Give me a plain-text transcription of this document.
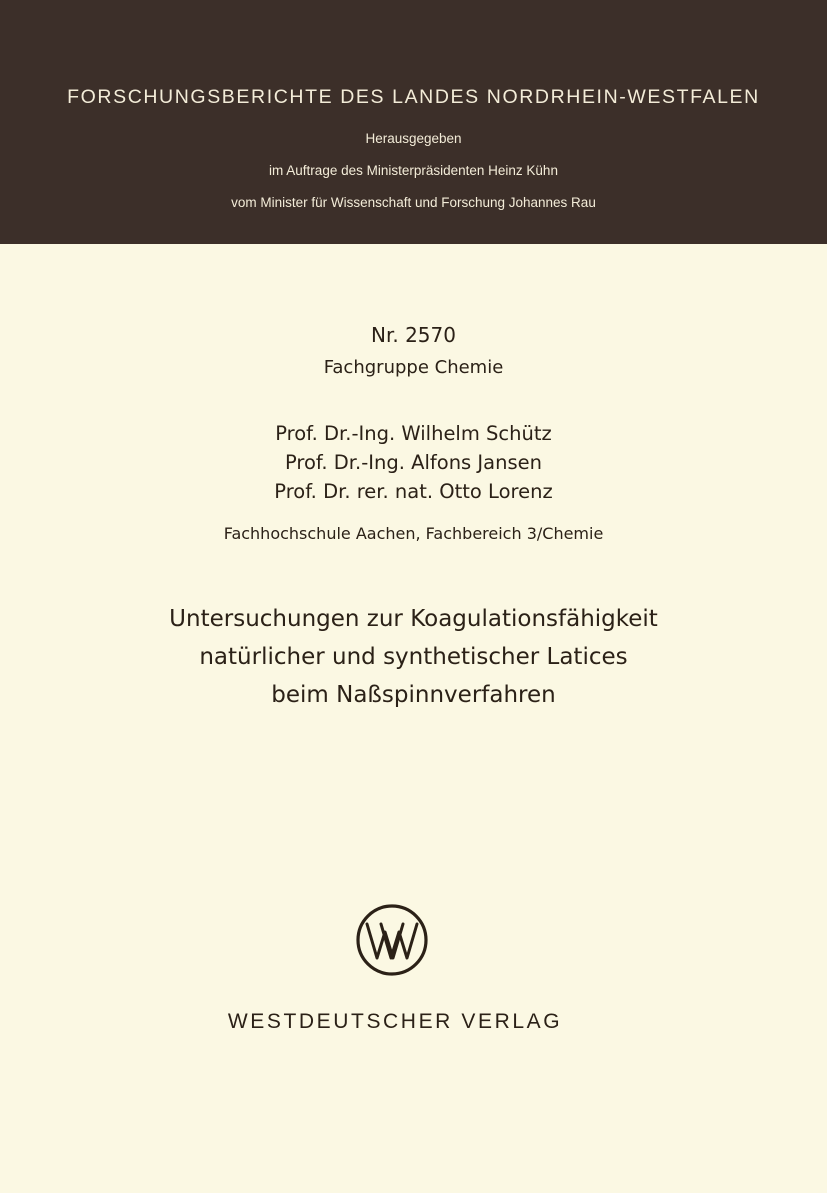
FORSCHUNGSBERICHTE DES LANDES NORDRHEIN-WESTFALEN
Herausgegeben
im Auftrage des Ministerpräsidenten Heinz Kühn
vom Minister für Wissenschaft und Forschung Johannes Rau
Nr. 2570
Fachgruppe Chemie
Prof. Dr.-Ing. Wilhelm Schütz
Prof. Dr.-Ing. Alfons Jansen
Prof. Dr. rer. nat. Otto Lorenz
Fachhochschule Aachen, Fachbereich 3/Chemie
Untersuchungen zur Koagulationsfähigkeit
natürlicher und synthetischer Latices
beim Naßspinnverfahren
WESTDEUTSCHER VERLAG
